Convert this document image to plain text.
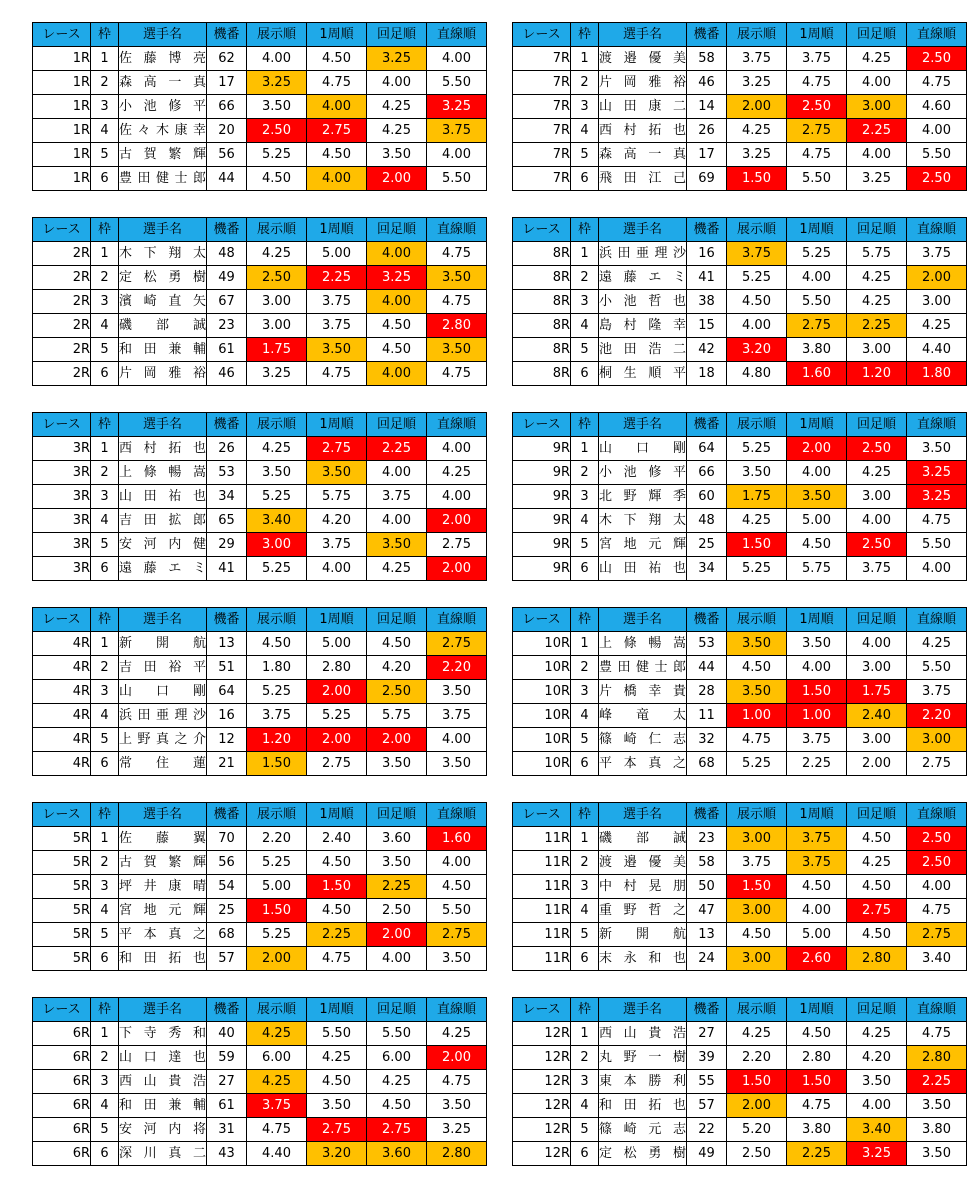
レース	枠	選手名	機番	展示順	1周順	回足順	直線順
1R	1	佐藤博亮	62	4.00	4.50	3.25	4.00
1R	2	森高一真	17	3.25	4.75	4.00	5.50
1R	3	小池修平	66	3.50	4.00	4.25	3.25
1R	4	佐々木康幸	20	2.50	2.75	4.25	3.75
1R	5	古賀繁輝	56	5.25	4.50	3.50	4.00
1R	6	豊田健士郎	44	4.50	4.00	2.00	5.50
レース	枠	選手名	機番	展示順	1周順	回足順	直線順
2R	1	木下翔太	48	4.25	5.00	4.00	4.75
2R	2	定松勇樹	49	2.50	2.25	3.25	3.50
2R	3	濱崎直矢	67	3.00	3.75	4.00	4.75
2R	4	磯部誠	23	3.00	3.75	4.50	2.80
2R	5	和田兼輔	61	1.75	3.50	4.50	3.50
2R	6	片岡雅裕	46	3.25	4.75	4.00	4.75
レース	枠	選手名	機番	展示順	1周順	回足順	直線順
3R	1	西村拓也	26	4.25	2.75	2.25	4.00
3R	2	上條暢嵩	53	3.50	3.50	4.00	4.25
3R	3	山田祐也	34	5.25	5.75	3.75	4.00
3R	4	吉田拡郎	65	3.40	4.20	4.00	2.00
3R	5	安河内健	29	3.00	3.75	3.50	2.75
3R	6	遠藤エミ	41	5.25	4.00	4.25	2.00
レース	枠	選手名	機番	展示順	1周順	回足順	直線順
4R	1	新開航	13	4.50	5.00	4.50	2.75
4R	2	吉田裕平	51	1.80	2.80	4.20	2.20
4R	3	山口剛	64	5.25	2.00	2.50	3.50
4R	4	浜田亜理沙	16	3.75	5.25	5.75	3.75
4R	5	上野真之介	12	1.20	2.00	2.00	4.00
4R	6	常住蓮	21	1.50	2.75	3.50	3.50
レース	枠	選手名	機番	展示順	1周順	回足順	直線順
5R	1	佐藤翼	70	2.20	2.40	3.60	1.60
5R	2	古賀繁輝	56	5.25	4.50	3.50	4.00
5R	3	坪井康晴	54	5.00	1.50	2.25	4.50
5R	4	宮地元輝	25	1.50	4.50	2.50	5.50
5R	5	平本真之	68	5.25	2.25	2.00	2.75
5R	6	和田拓也	57	2.00	4.75	4.00	3.50
レース	枠	選手名	機番	展示順	1周順	回足順	直線順
6R	1	下寺秀和	40	4.25	5.50	5.50	4.25
6R	2	山口達也	59	6.00	4.25	6.00	2.00
6R	3	西山貴浩	27	4.25	4.50	4.25	4.75
6R	4	和田兼輔	61	3.75	3.50	4.50	3.50
6R	5	安河内将	31	4.75	2.75	2.75	3.25
6R	6	深川真二	43	4.40	3.20	3.60	2.80
レース	枠	選手名	機番	展示順	1周順	回足順	直線順
7R	1	渡邉優美	58	3.75	3.75	4.25	2.50
7R	2	片岡雅裕	46	3.25	4.75	4.00	4.75
7R	3	山田康二	14	2.00	2.50	3.00	4.60
7R	4	西村拓也	26	4.25	2.75	2.25	4.00
7R	5	森高一真	17	3.25	4.75	4.00	5.50
7R	6	飛田江己	69	1.50	5.50	3.25	2.50
レース	枠	選手名	機番	展示順	1周順	回足順	直線順
8R	1	浜田亜理沙	16	3.75	5.25	5.75	3.75
8R	2	遠藤エミ	41	5.25	4.00	4.25	2.00
8R	3	小池哲也	38	4.50	5.50	4.25	3.00
8R	4	島村隆幸	15	4.00	2.75	2.25	4.25
8R	5	池田浩二	42	3.20	3.80	3.00	4.40
8R	6	桐生順平	18	4.80	1.60	1.20	1.80
レース	枠	選手名	機番	展示順	1周順	回足順	直線順
9R	1	山口剛	64	5.25	2.00	2.50	3.50
9R	2	小池修平	66	3.50	4.00	4.25	3.25
9R	3	北野輝季	60	1.75	3.50	3.00	3.25
9R	4	木下翔太	48	4.25	5.00	4.00	4.75
9R	5	宮地元輝	25	1.50	4.50	2.50	5.50
9R	6	山田祐也	34	5.25	5.75	3.75	4.00
レース	枠	選手名	機番	展示順	1周順	回足順	直線順
10R	1	上條暢嵩	53	3.50	3.50	4.00	4.25
10R	2	豊田健士郎	44	4.50	4.00	3.00	5.50
10R	3	片橋幸貴	28	3.50	1.50	1.75	3.75
10R	4	峰竜太	11	1.00	1.00	2.40	2.20
10R	5	篠崎仁志	32	4.75	3.75	3.00	3.00
10R	6	平本真之	68	5.25	2.25	2.00	2.75
レース	枠	選手名	機番	展示順	1周順	回足順	直線順
11R	1	磯部誠	23	3.00	3.75	4.50	2.50
11R	2	渡邉優美	58	3.75	3.75	4.25	2.50
11R	3	中村晃朋	50	1.50	4.50	4.50	4.00
11R	4	重野哲之	47	3.00	4.00	2.75	4.75
11R	5	新開航	13	4.50	5.00	4.50	2.75
11R	6	末永和也	24	3.00	2.60	2.80	3.40
レース	枠	選手名	機番	展示順	1周順	回足順	直線順
12R	1	西山貴浩	27	4.25	4.50	4.25	4.75
12R	2	丸野一樹	39	2.20	2.80	4.20	2.80
12R	3	東本勝利	55	1.50	1.50	3.50	2.25
12R	4	和田拓也	57	2.00	4.75	4.00	3.50
12R	5	篠崎元志	22	5.20	3.80	3.40	3.80
12R	6	定松勇樹	49	2.50	2.25	3.25	3.50
